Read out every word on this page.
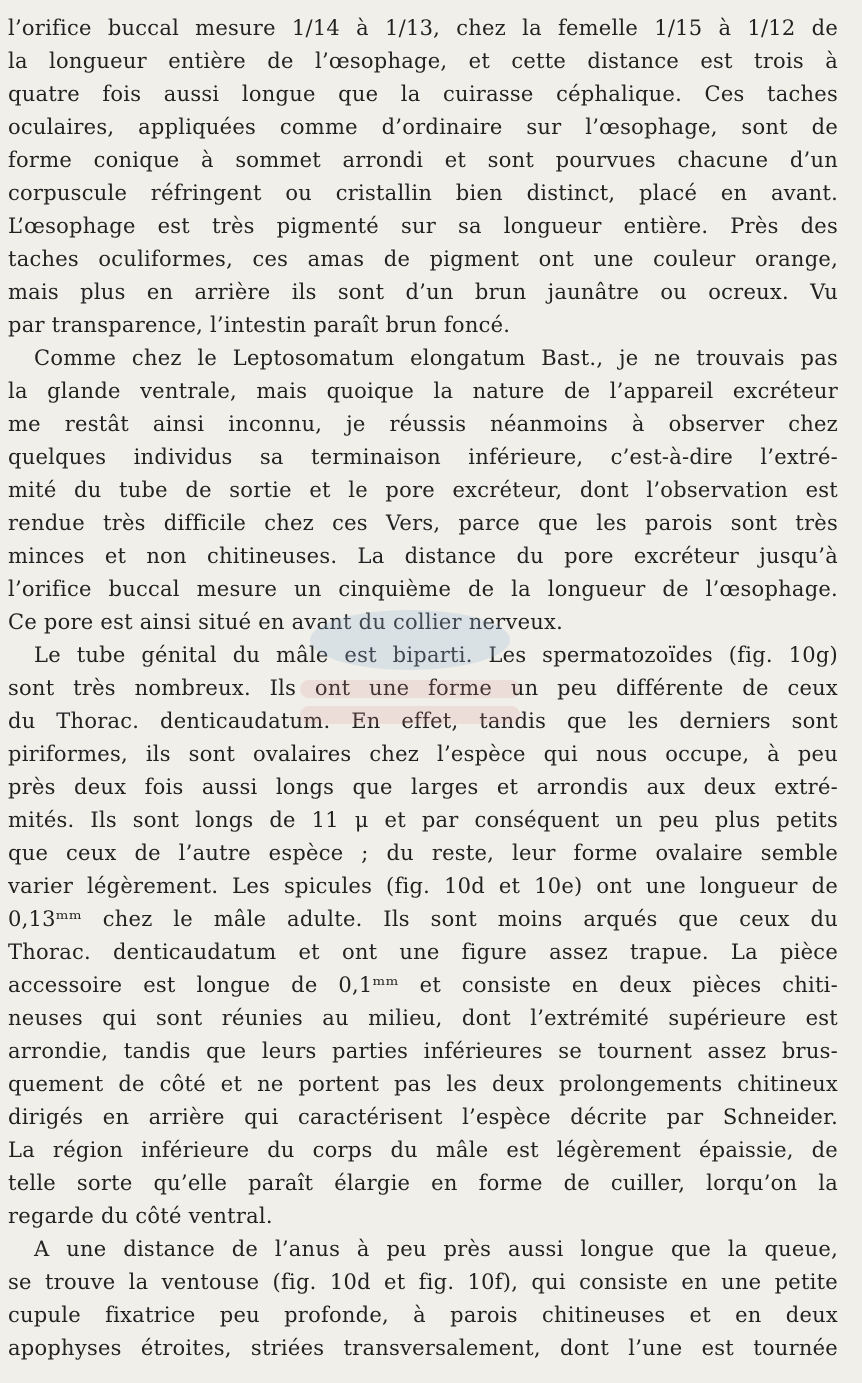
l’orifice buccal mesure 1/14 à 1/13, chez la femelle 1/15 à 1/12 de
la longueur entière de l’œsophage, et cette distance est trois à
quatre fois aussi longue que la cuirasse céphalique. Ces taches
oculaires, appliquées comme d’ordinaire sur l’œsophage, sont de
forme conique à sommet arrondi et sont pourvues chacune d’un
corpuscule réfringent ou cristallin bien distinct, placé en avant.
L’œsophage est très pigmenté sur sa longueur entière. Près des
taches oculiformes, ces amas de pigment ont une couleur orange,
mais plus en arrière ils sont d’un brun jaunâtre ou ocreux. Vu
par transparence, l’intestin paraît brun foncé.
Comme chez le Leptosomatum elongatum Bast., je ne trouvais pas
la glande ventrale, mais quoique la nature de l’appareil excréteur
me restât ainsi inconnu, je réussis néanmoins à observer chez
quelques individus sa terminaison inférieure, c’est-à-dire l’extré-
mité du tube de sortie et le pore excréteur, dont l’observation est
rendue très difficile chez ces Vers, parce que les parois sont très
minces et non chitineuses. La distance du pore excréteur jusqu’à
l’orifice buccal mesure un cinquième de la longueur de l’œsophage.
Ce pore est ainsi situé en avant du collier nerveux.
Le tube génital du mâle est biparti. Les spermatozoïdes (fig. 10g)
sont très nombreux. Ils ont une forme un peu différente de ceux
du Thorac. denticaudatum. En effet, tandis que les derniers sont
piriformes, ils sont ovalaires chez l’espèce qui nous occupe, à peu
près deux fois aussi longs que larges et arrondis aux deux extré-
mités. Ils sont longs de 11 μ et par conséquent un peu plus petits
que ceux de l’autre espèce ; du reste, leur forme ovalaire semble
varier légèrement. Les spicules (fig. 10d et 10e) ont une longueur de
0,13ᵐᵐ chez le mâle adulte. Ils sont moins arqués que ceux du
Thorac. denticaudatum et ont une figure assez trapue. La pièce
accessoire est longue de 0,1ᵐᵐ et consiste en deux pièces chiti-
neuses qui sont réunies au milieu, dont l’extrémité supérieure est
arrondie, tandis que leurs parties inférieures se tournent assez brus-
quement de côté et ne portent pas les deux prolongements chitineux
dirigés en arrière qui caractérisent l’espèce décrite par Schneider.
La région inférieure du corps du mâle est légèrement épaissie, de
telle sorte qu’elle paraît élargie en forme de cuiller, lorqu’on la
regarde du côté ventral.
A une distance de l’anus à peu près aussi longue que la queue,
se trouve la ventouse (fig. 10d et fig. 10f), qui consiste en une petite
cupule fixatrice peu profonde, à parois chitineuses et en deux
apophyses étroites, striées transversalement, dont l’une est tournée
